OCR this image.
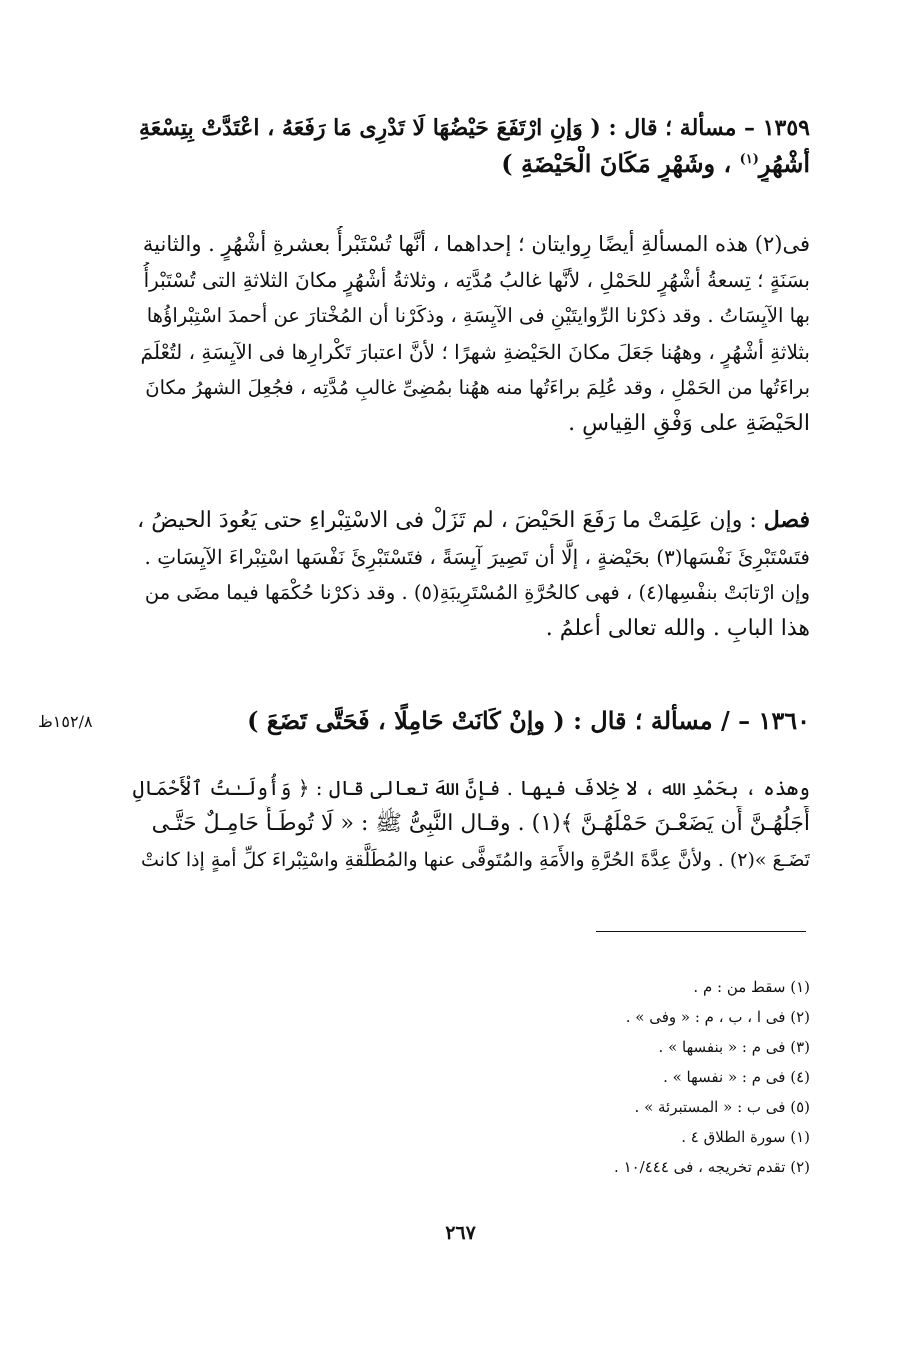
١٥٢/٨ظ
١٣٥٩ – مسألة ؛ قال : ( وَإنِ ارْتَفَعَ حَيْضُهَا لَا تَدْرِى مَا رَفَعَهُ ، اعْتَدَّتْ بِتِسْعَةِ
أشْهُرٍ$^{(١)}$ ، وشَهْرٍ مَكَانَ الْحَيْضَةِ )
فى(٢) هذه المسألةِ أيضًا رِوايتان ؛ إحداهما ، أنَّها تُسْتَبْرأُ بعشرةِ أشْهُرٍ . والثانية
بسَنَةٍ ؛ تِسعةُ أشْهُرٍ للحَمْلِ ، لأنَّها غالبُ مُدَّتِه ، وثلاثةُ أشْهُرٍ مكانَ الثلاثةِ التى تُسْتَبْرأُ
بها الآيِسَاتُ . وقد ذكرْنا الرِّوايتَيْنِ فى الآيِسَةِ ، وذكَرْنا أن المُخْتارَ عن أحمدَ اسْتِبْراؤُها
بثلاثةِ أشْهُرٍ ، وههُنا جَعَلَ مكانَ الحَيْضةِ شهرًا ؛ لأنَّ اعتبارَ تَكْرارِها فى الآيِسَةِ ، لتُعْلَمَ
براءَتُها من الحَمْلِ ، وقد عُلِمَ براءَتُها منه ههُنا بمُضِىِّ غالبِ مُدَّتِه ، فجُعِلَ الشهرُ مكانَ
الحَيْضَةِ على وَفْقِ القِياسِ .
فصل : وإن عَلِمَتْ ما رَفَعَ الحَيْضَ ، لم تَزَلْ فى الاسْتِبْراءِ حتى يَعُودَ الحيضُ ،
فتَسْتَبْرِئَ نَفْسَها(٣) بحَيْضةٍ ، إلَّا أن تَصِيرَ آيِسَةً ، فتَسْتَبْرِئَ نَفْسَها اسْتِبْراءَ الآيِسَاتِ .
وإن ارْتابَتْ بنفْسِها(٤) ، فهى كالحُرَّةِ المُسْتَرِيبَةِ(٥) . وقد ذكرْنا حُكْمَها فيما مضَى من
هذا البابِ . والله تعالى أعلمُ .
١٣٦٠ – / مسألة ؛ قال : ( وإنْ كَانَتْ حَامِلًا ، فَحَتَّى تَضَعَ )
وهذه ، بحَمْدِ الله ، لا خِلافَ فيها . فإنَّ اللهَ تعالى قال : ﴿ وَأُولَـٰتُ ٱلْأَحْمَالِ
أَجَلُهُـنَّ أَن يَضَعْـنَ حَمْلَهُـنَّ ﴾(١) . وقـال النَّبِىُّ ﷺ : « لَا تُوطَـأُ حَامِـلٌ حَتَّـى
تَضَـعَ »(٢) . ولأنَّ عِدَّةَ الحُرَّةِ والأَمَةِ والمُتَوفَّى عنها والمُطَلَّقةِ واسْتِبْراءَ كلِّ أمةٍ إذا كانتْ
(١) سقط من : م .
(٢) فى ا ، ب ، م : « وفى » .
(٣) فى م : « بنفسها » .
(٤) فى م : « نفسها » .
(٥) فى ب : « المستبرئة » .
(١) سورة الطلاق ٤ .
(٢) تقدم تخريجه ، فى ١٠/٤٤٤ .
٢٦٧
